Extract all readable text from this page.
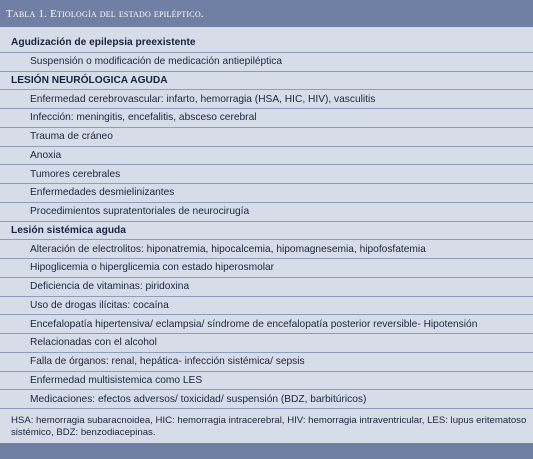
Tabla 1.
Etiología del estado epiléptico.
Agudización de epilepsia preexistente
Suspensión o modificación de medicación antiepiléptica
LESIÓN NEURÓLOGICA AGUDA
Enfermedad cerebrovascular: infarto, hemorragia (HSA, HIC, HIV), vasculitis
Infección: meningitis, encefalitis, absceso cerebral
Trauma de cráneo
Anoxia
Tumores cerebrales
Enfermedades desmielinizantes
Procedimientos supratentoriales de neurocirugía
Lesión sistémica aguda
Alteración de electrolitos: hiponatremia, hipocalcemia, hipomagnesemia, hipofosfatemia
Hipoglicemia o hiperglicemia con estado hiperosmolar
Deficiencia de vitaminas: piridoxina
Uso de drogas ilícitas: cocaína
Encefalopatía hipertensiva/ eclampsia/ síndrome de encefalopatía posterior reversible- Hipotensión
Relacionadas con el alcohol
Falla de órganos: renal, hepática- infección sistémica/ sepsis
Enfermedad multisistemica como LES
Medicaciones: efectos adversos/ toxicidad/ suspensión (BDZ, barbitúricos)
HSA: hemorragia subaracnoidea, HIC: hemorragia intracerebral, HIV: hemorragia intraventricular, LES: lupus eritematoso sistémico, BDZ: benzodiacepinas.
